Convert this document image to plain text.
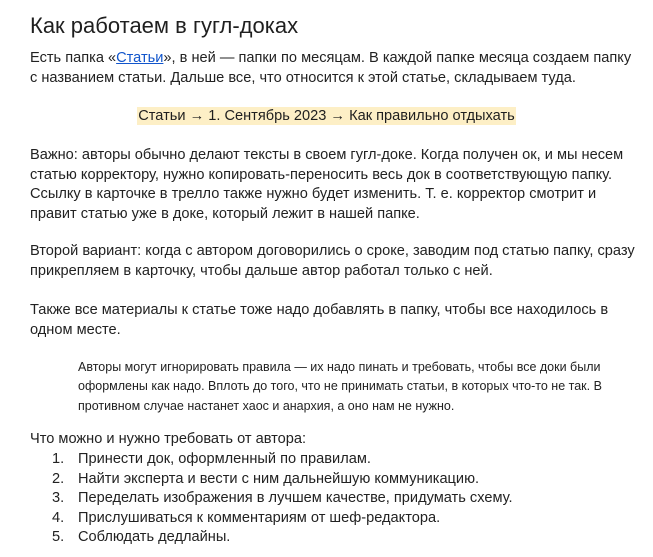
Как работаем в гугл-доках

Есть папка «Статьи», в ней — папки по месяцам. В каждой папке месяца создаем папку с названием статьи. Дальше все, что относится к этой статье, складываем туда.

Статьи → 1. Сентябрь 2023 → Как правильно отдыхать

Важно: авторы обычно делают тексты в своем гугл-доке. Когда получен ок, и мы несем статью корректору, нужно копировать-переносить весь док в соответствующую папку. Ссылку в карточке в трелло также нужно будет изменить. Т. е. корректор смотрит и правит статью уже в доке, который лежит в нашей папке.

Второй вариант: когда с автором договорились о сроке, заводим под статью папку, сразу прикрепляем в карточку, чтобы дальше автор работал только с ней.

Также все материалы к статье тоже надо добавлять в папку, чтобы все находилось в одном месте.

Авторы могут игнорировать правила — их надо пинать и требовать, чтобы все доки были оформлены как надо. Вплоть до того, что не принимать статьи, в которых что-то не так. В противном случае настанет хаос и анархия, а оно нам не нужно.

Что можно и нужно требовать от автора:

1. Принести док, оформленный по правилам.
2. Найти эксперта и вести с ним дальнейшую коммуникацию.
3. Переделать изображения в лучшем качестве, придумать схему.
4. Прислушиваться к комментариям от шеф-редактора.
5. Соблюдать дедлайны.
